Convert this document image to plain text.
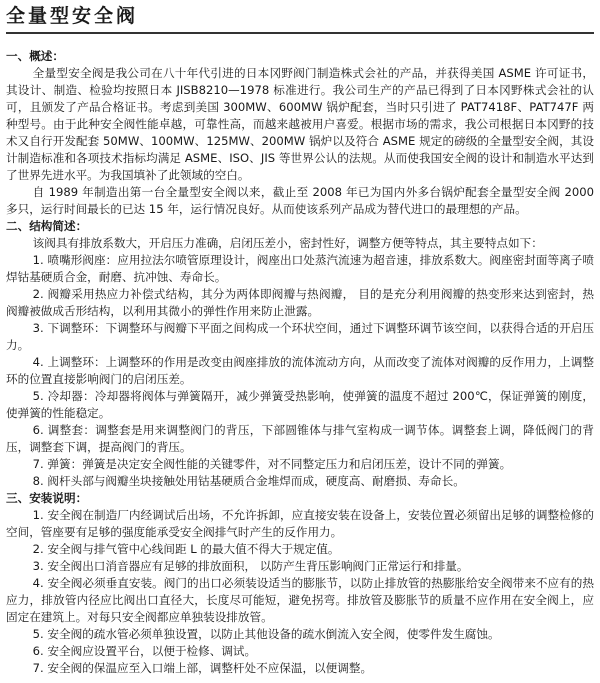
全量型安全阀
一、概述：

全量型安全阀是我公司在八十年代引进的日本冈野阀门制造株式会社的产品，并获得美国 ASME 许可证书，其设计、制造、检验均按照日本 JISB8210—1978 标准进行。我公司生产的产品已得到了日本冈野株式会社的认可，且颁发了产品合格证书。考虑到美国 300MW、600MW 锅炉配套，当时只引进了 PAT7418F、PAT747F 两种型号。由于此种安全阀性能卓越，可靠性高，而越来越被用户喜爱。根据市场的需求，我公司根据日本冈野的技术又自行开发配套 50MW、100MW、125MW、200MW 锅炉以及符合 ASME 规定的磅级的全量型安全阀，其设计制造标准和各项技术指标均满足 ASME、ISO、JIS 等世界公认的法规。从而使我国安全阀的设计和制造水平达到了世界先进水平。为我国填补了此领域的空白。

自 1989 年制造出第一台全量型安全阀以来，截止至 2008 年已为国内外多台锅炉配套全量型安全阀 2000 多只，运行时间最长的已达 15 年，运行情况良好。从而使该系列产品成为替代进口的最理想的产品。

二、结构简述：

该阀具有排放系数大，开启压力准确，启闭压差小，密封性好，调整方便等特点，其主要特点如下：

1. 喷嘴形阀座：应用拉法尔喷管原理设计，阀座出口处蒸汽流速为超音速，排放系数大。阀座密封面等离子喷焊钴基硬质合金，耐磨、抗冲蚀、寿命长。

2. 阀瓣采用热应力补偿式结构，其分为两体即阀瓣与热阀瓣， 目的是充分利用阀瓣的热变形来达到密封，热阀瓣被做成舌形结构，以利用其微小的弹性作用来防止泄露。

3. 下调整环：下调整环与阀瓣下平面之间构成一个环状空间，通过下调整环调节该空间，以获得合适的开启压力。

4. 上调整环：上调整环的作用是改变由阀座排放的流体流动方向，从而改变了流体对阀瓣的反作用力，上调整环的位置直接影响阀门的启闭压差。

5. 冷却器：冷却器将阀体与弹簧隔开，减少弹簧受热影响，使弹簧的温度不超过 200℃，保证弹簧的刚度，使弹簧的性能稳定。

6. 调整套：调整套是用来调整阀门的背压，下部圆锥体与排气室构成一调节体。调整套上调，降低阀门的背压，调整套下调，提高阀门的背压。

7. 弹簧：弹簧是决定安全阀性能的关键零件，对不同整定压力和启闭压差，设计不同的弹簧。

8. 阀杆头部与阀瓣坐块接触处用钴基硬质合金堆焊而成，硬度高、耐磨损、寿命长。

三、安装说明：

1. 安全阀在制造厂内经调试后出场，不允许拆卸，应直接安装在设备上，安装位置必须留出足够的调整检修的空间，管座要有足够的强度能承受安全阀排气时产生的反作用力。

2. 安全阀与排气管中心线间距 L 的最大值不得大于规定值。

3. 安全阀出口消音器应有足够的排放面积， 以防产生背压影响阀门正常运行和排量。

4. 安全阀必须垂直安装。阀门的出口必须装设适当的膨胀节，以防止排放管的热膨胀给安全阀带来不应有的热应力，排放管内径应比阀出口直径大，长度尽可能短，避免拐弯。排放管及膨胀节的质量不应作用在安全阀上，应固定在建筑上。对每只安全阀都应单独装设排放管。

5. 安全阀的疏水管必须单独设置，以防止其他设备的疏水倒流入安全阀，使零件发生腐蚀。

6. 安全阀应设置平台，以便于检修、调试。

7. 安全阀的保温应至入口端上部，调整杆处不应保温，以便调整。
